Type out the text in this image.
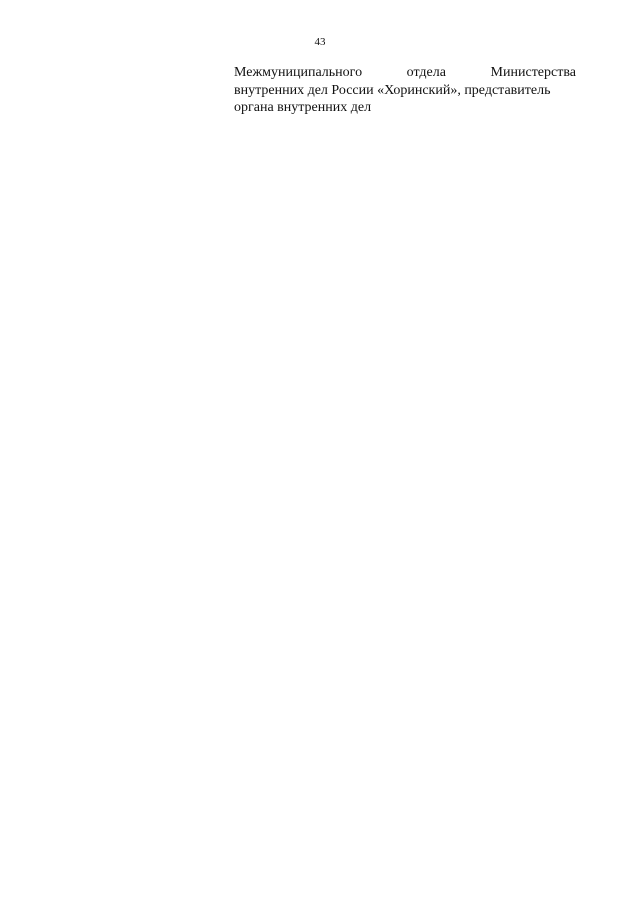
43
Межмуниципального отдела Министерства
внутренних дел России «Хоринский», представитель
органа внутренних дел
